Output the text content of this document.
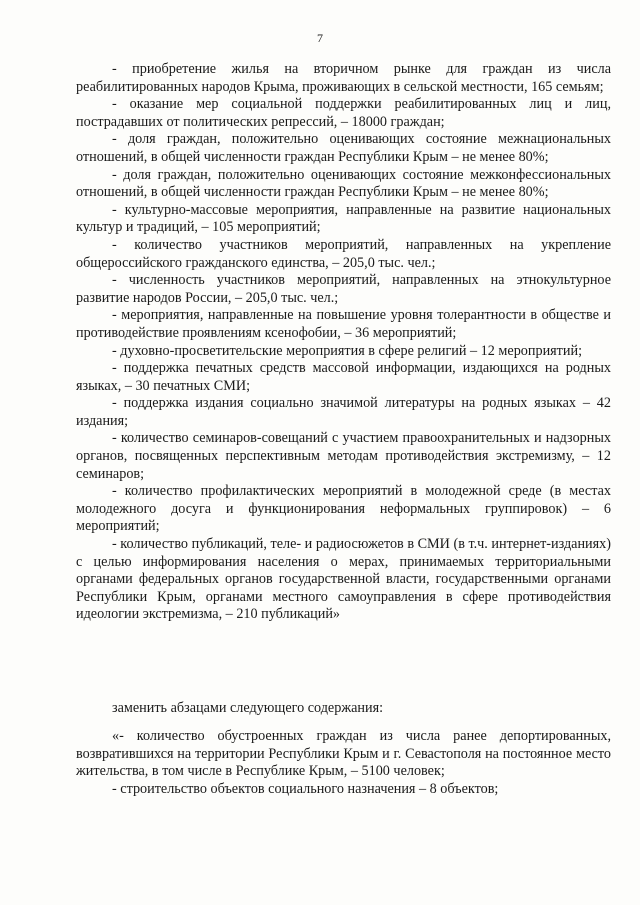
7

- приобретение жилья на вторичном рынке для граждан из числа реабилитированных народов Крыма, проживающих в сельской местности, 165 семьям;

- оказание мер социальной поддержки реабилитированных лиц и лиц, пострадавших от политических репрессий, – 18000 граждан;

- доля граждан, положительно оценивающих состояние межнациональных отношений, в общей численности граждан Республики Крым – не менее 80%;

- доля граждан, положительно оценивающих состояние межконфессиональных отношений, в общей численности граждан Республики Крым – не менее 80%;

- культурно-массовые мероприятия, направленные на развитие национальных культур и традиций, – 105 мероприятий;

- количество участников мероприятий, направленных на укрепление общероссийского гражданского единства, – 205,0 тыс. чел.;

- численность участников мероприятий, направленных на этнокультурное развитие народов России, – 205,0 тыс. чел.;

- мероприятия, направленные на повышение уровня толерантности в обществе и противодействие проявлениям ксенофобии, – 36 мероприятий;

- духовно-просветительские мероприятия в сфере религий – 12 мероприятий;

- поддержка печатных средств массовой информации, издающихся на родных языках, – 30 печатных СМИ;

- поддержка издания социально значимой литературы на родных языках – 42 издания;

- количество семинаров-совещаний с участием правоохранительных и надзорных органов, посвященных перспективным методам противодействия экстремизму, – 12 семинаров;

- количество профилактических мероприятий в молодежной среде (в местах молодежного досуга и функционирования неформальных группировок) – 6 мероприятий;

- количество публикаций, теле- и радиосюжетов в СМИ (в т.ч. интернет-изданиях) с целью информирования населения о мерах, принимаемых территориальными органами федеральных органов государственной власти, государственными органами Республики Крым, органами местного самоуправления в сфере противодействия идеологии экстремизма, – 210 публикаций»

заменить абзацами следующего содержания:

«- количество обустроенных граждан из числа ранее депортированных, возвратившихся на территории Республики Крым и г. Севастополя на постоянное место жительства, в том числе в Республике Крым, – 5100 человек;

- строительство объектов социального назначения – 8 объектов;
